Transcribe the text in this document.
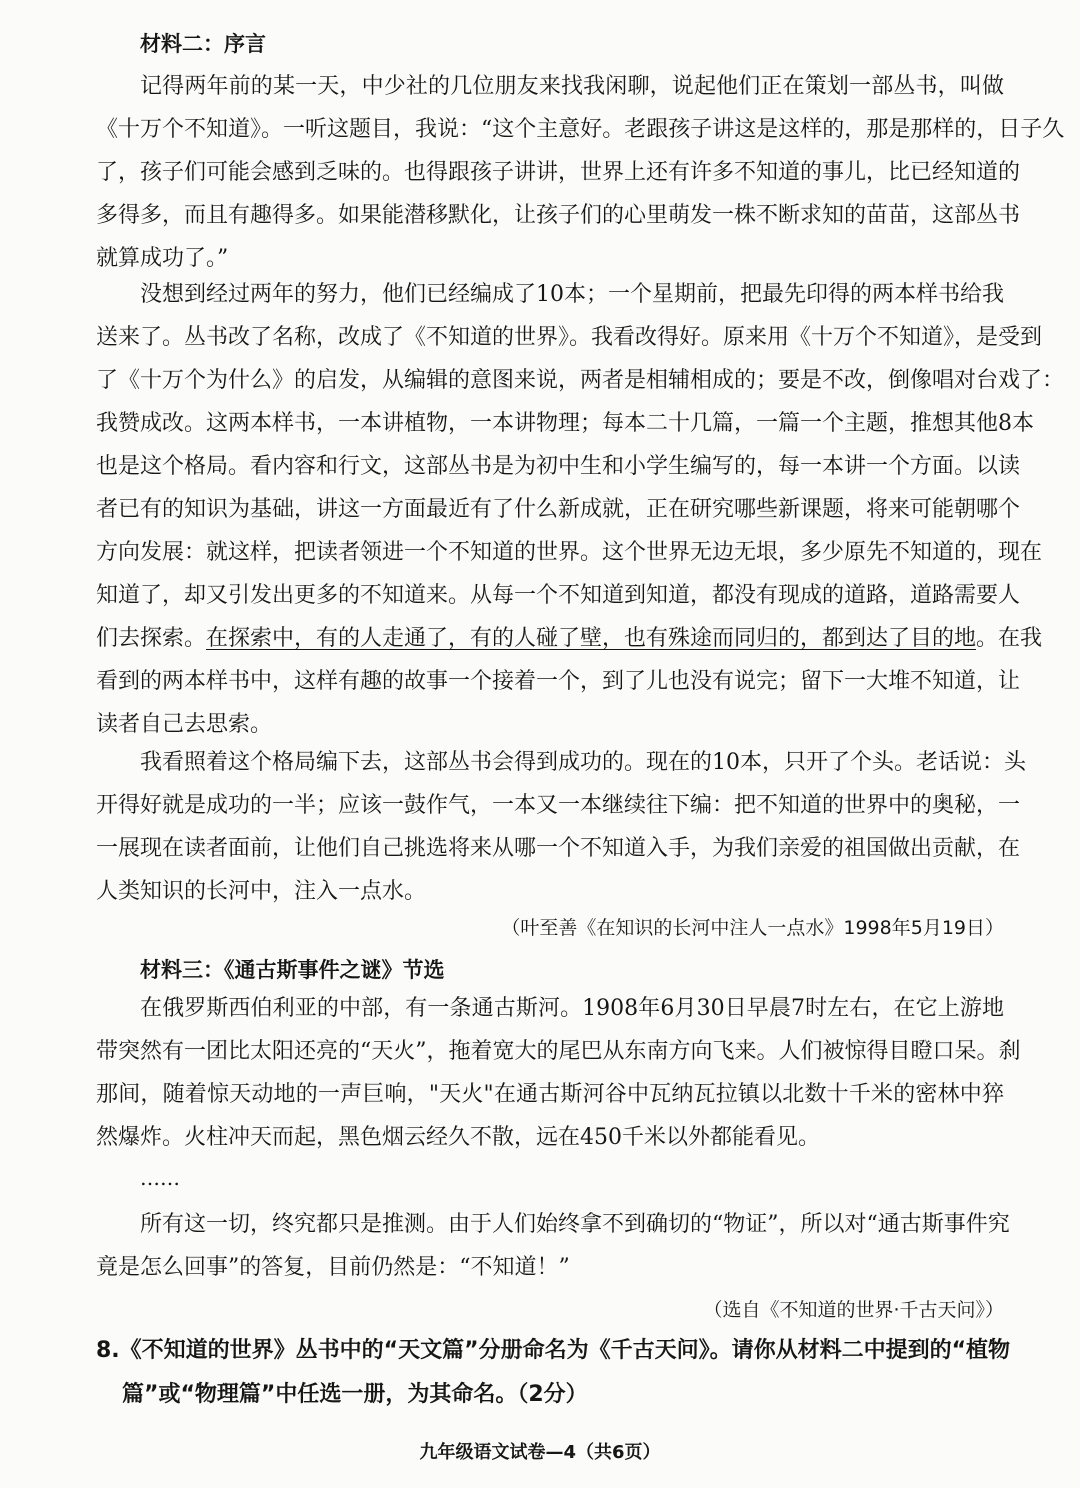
材料二：序言
记得两年前的某一天，中少社的几位朋友来找我闲聊，说起他们正在策划一部丛书，叫做
《十万个不知道》。一听这题目，我说：“这个主意好。老跟孩子讲这是这样的，那是那样的，日子久
了，孩子们可能会感到乏味的。也得跟孩子讲讲，世界上还有许多不知道的事儿，比已经知道的
多得多，而且有趣得多。如果能潜移默化，让孩子们的心里萌发一株不断求知的苗苗，这部丛书
就算成功了。”
没想到经过两年的努力，他们已经编成了10本；一个星期前，把最先印得的两本样书给我
送来了。丛书改了名称，改成了《不知道的世界》。我看改得好。原来用《十万个不知道》，是受到
了《十万个为什么》的启发，从编辑的意图来说，两者是相辅相成的；要是不改，倒像唱对台戏了：
我赞成改。这两本样书，一本讲植物，一本讲物理；每本二十几篇，一篇一个主题，推想其他8本
也是这个格局。看内容和行文，这部丛书是为初中生和小学生编写的，每一本讲一个方面。以读
者已有的知识为基础，讲这一方面最近有了什么新成就，正在研究哪些新课题，将来可能朝哪个
方向发展：就这样，把读者领进一个不知道的世界。这个世界无边无垠，多少原先不知道的，现在
知道了，却又引发出更多的不知道来。从每一个不知道到知道，都没有现成的道路，道路需要人
们去探索。在探索中，有的人走通了，有的人碰了壁，也有殊途而同归的，都到达了目的地。在我
看到的两本样书中，这样有趣的故事一个接着一个，到了儿也没有说完；留下一大堆不知道，让
读者自己去思索。
我看照着这个格局编下去，这部丛书会得到成功的。现在的10本，只开了个头。老话说：头
开得好就是成功的一半；应该一鼓作气，一本又一本继续往下编：把不知道的世界中的奥秘，一
一展现在读者面前，让他们自己挑选将来从哪一个不知道入手，为我们亲爱的祖国做出贡献，在
人类知识的长河中，注入一点水。
（叶至善《在知识的长河中注人一点水》1998年5月19日）
材料三：《通古斯事件之谜》节选
在俄罗斯西伯利亚的中部，有一条通古斯河。1908年6月30日早晨7时左右，在它上游地
带突然有一团比太阳还亮的“天火”，拖着宽大的尾巴从东南方向飞来。人们被惊得目瞪口呆。刹
那间，随着惊天动地的一声巨响，"天火"在通古斯河谷中瓦纳瓦拉镇以北数十千米的密林中猝
然爆炸。火柱冲天而起，黑色烟云经久不散，远在450千米以外都能看见。
……
所有这一切，终究都只是推测。由于人们始终拿不到确切的“物证”，所以对“通古斯事件究
竟是怎么回事”的答复，目前仍然是：“不知道！”
（选自《不知道的世界·千古天问》）
8.《不知道的世界》丛书中的“天文篇”分册命名为《千古天问》。请你从材料二中提到的“植物
篇”或“物理篇”中任选一册，为其命名。（2分）
九年级语文试卷—4（共6页）
